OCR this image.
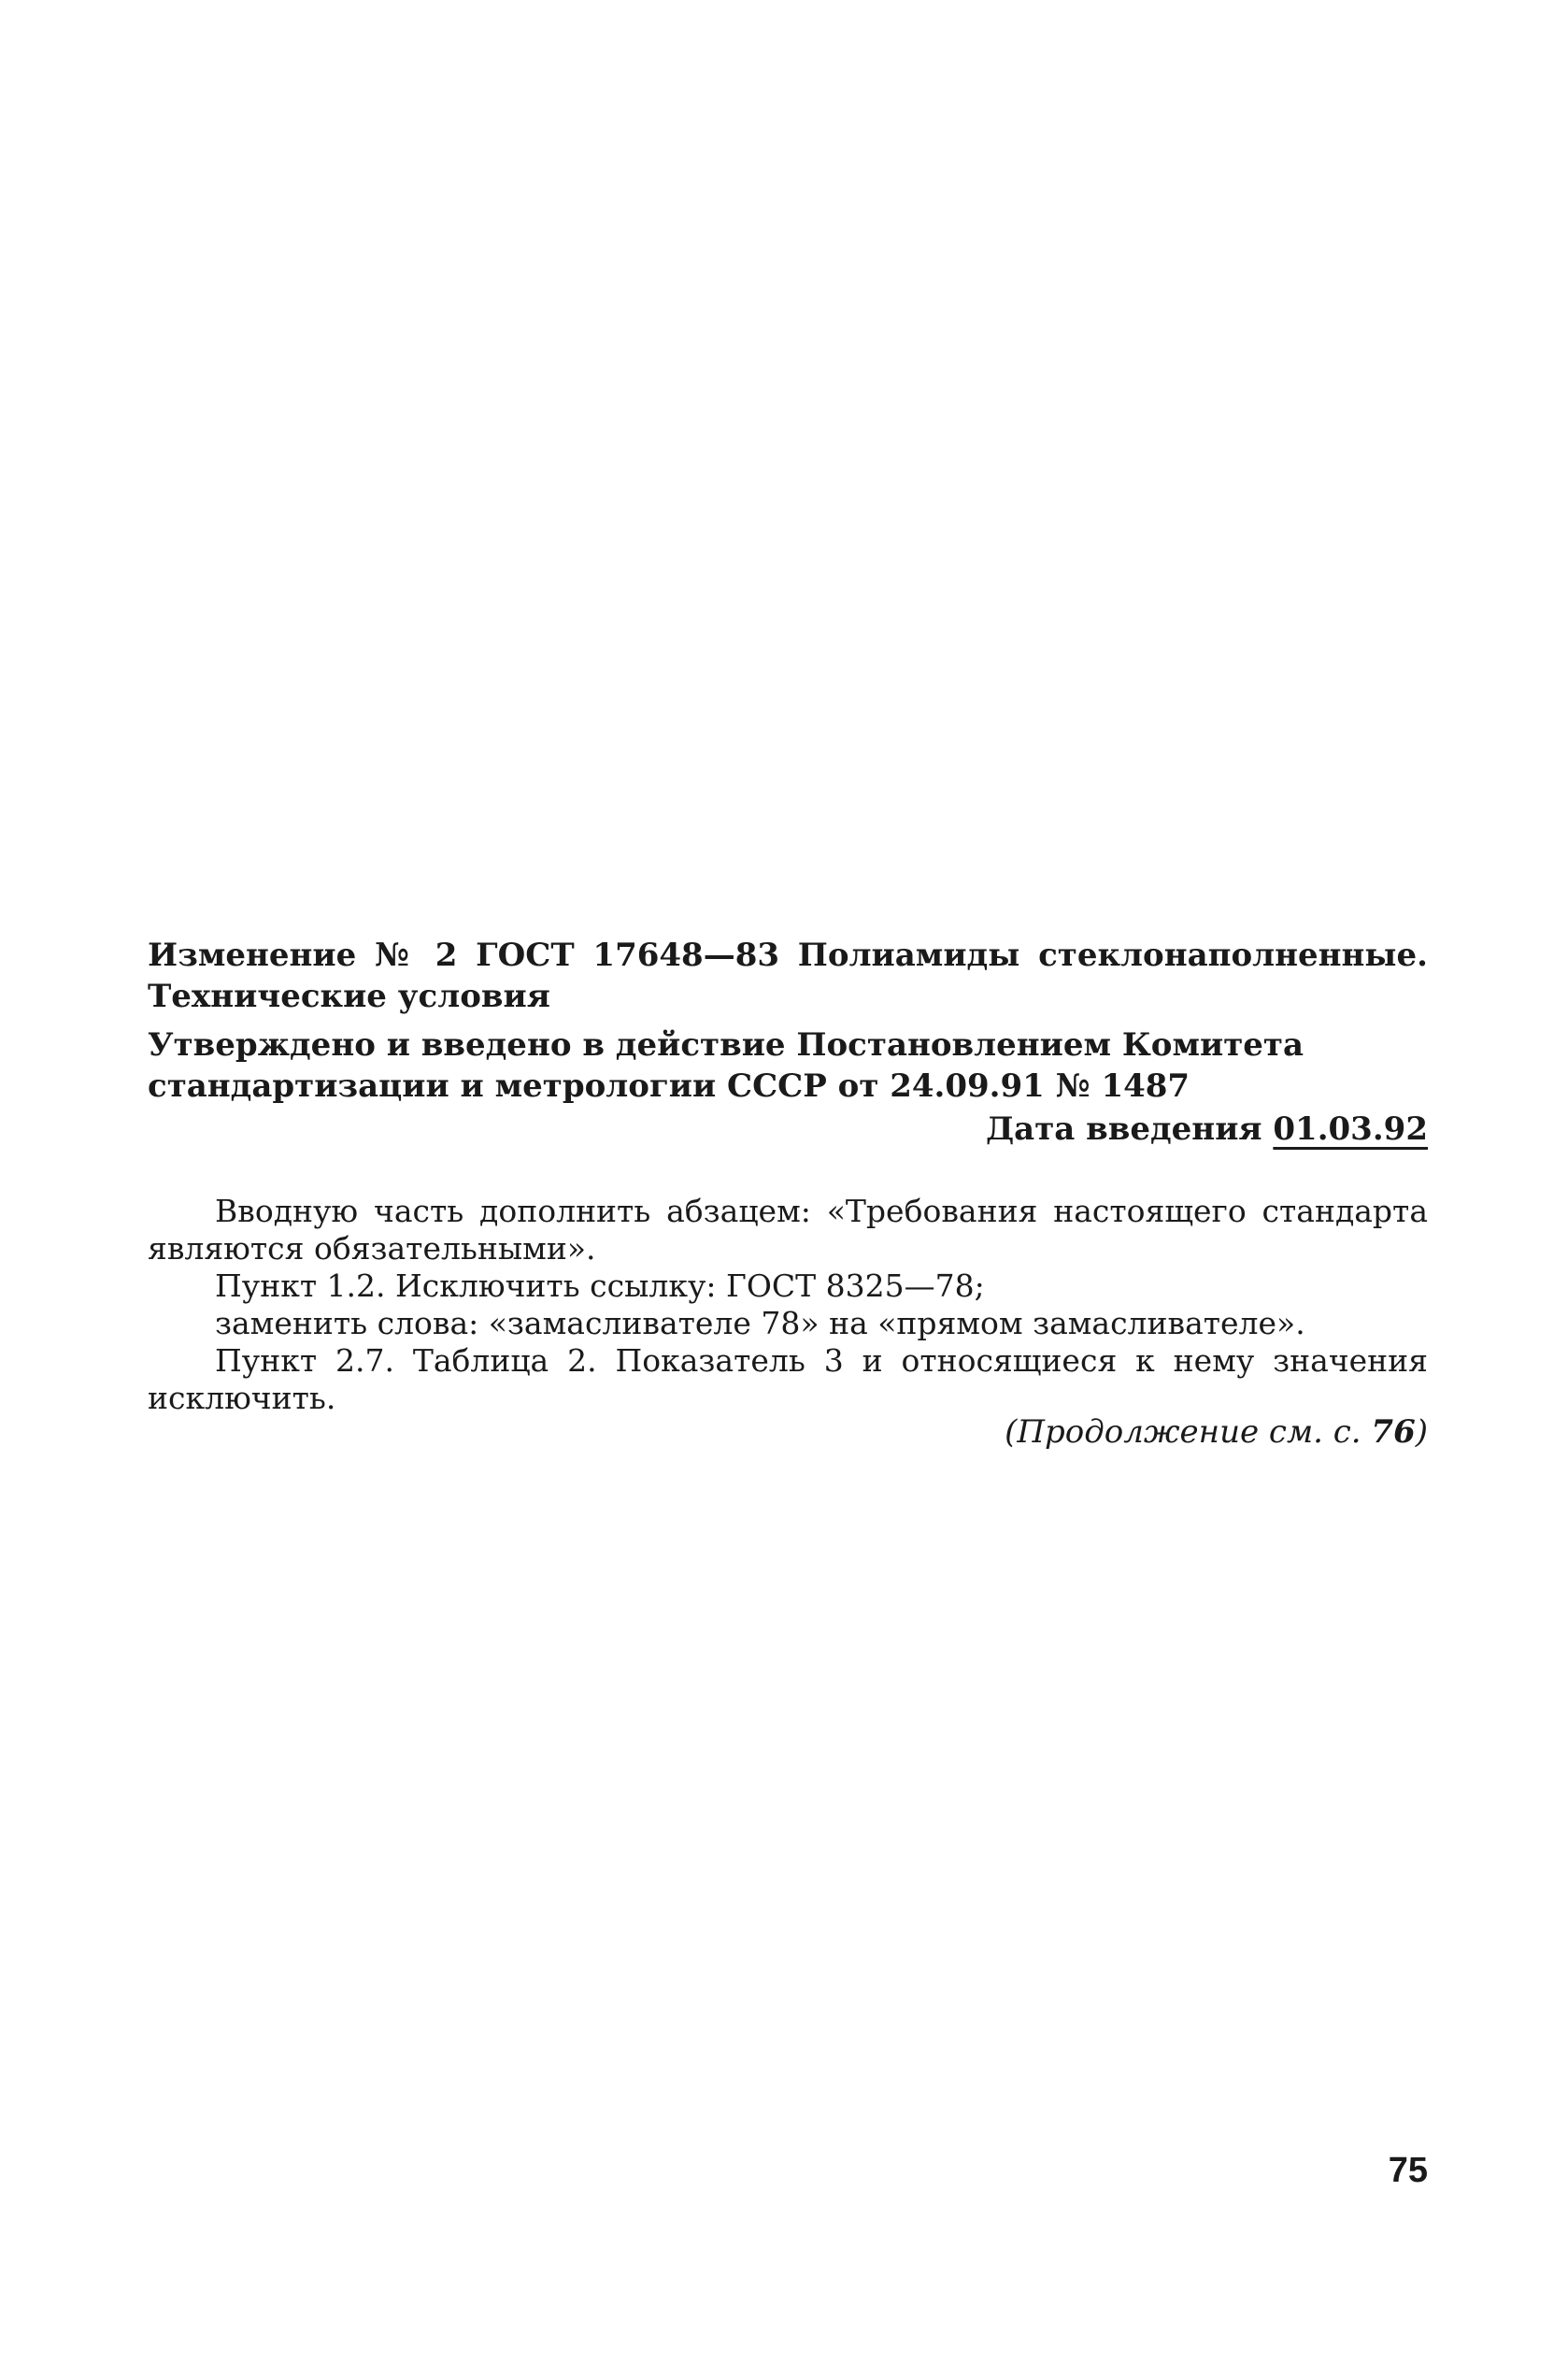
Изменение № 2 ГОСТ 17648—83 Полиамиды стеклонаполненные. Технические условия
Утверждено и введено в действие Постановлением Комитета стандартизации и метрологии СССР от 24.09.91 № 1487
Дата введения 01.03.92

Вводную часть дополнить абзацем: «Требования настоящего стандарта являются обязательными».

Пункт 1.2. Исключить ссылку: ГОСТ 8325—78;

заменить слова: «замасливателе 78» на «прямом замасливателе».

Пункт 2.7. Таблица 2. Показатель 3 и относящиеся к нему значения исключить.

(Продолжение см. с. 76)
75
